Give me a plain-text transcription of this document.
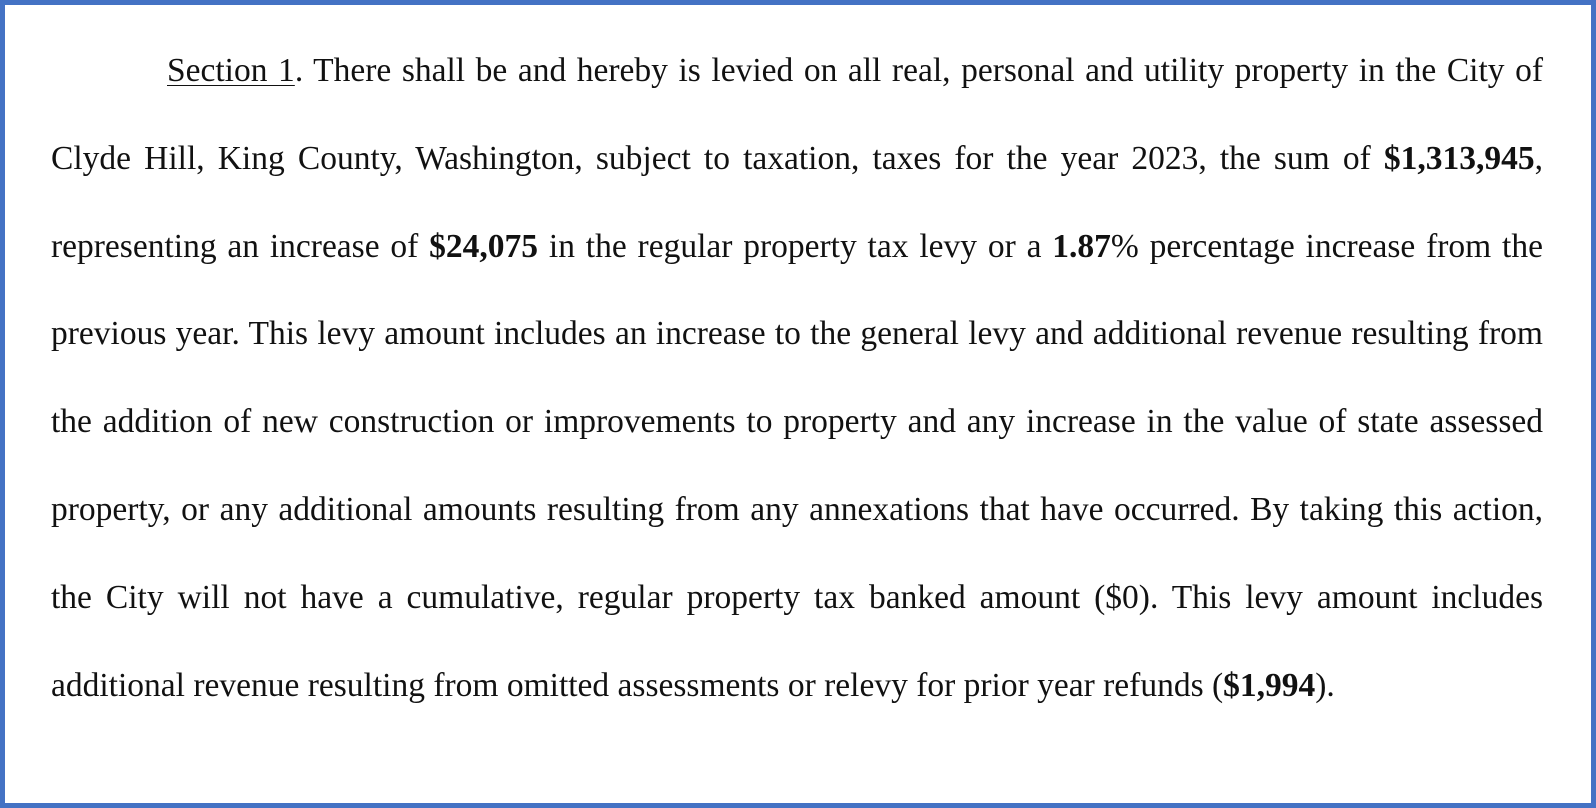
Section 1. There shall be and hereby is levied on all real, personal and utility property in the City of Clyde Hill, King County, Washington, subject to taxation, taxes for the year 2023, the sum of $1,313,945, representing an increase of $24,075 in the regular property tax levy or a 1.87% percentage increase from the previous year. This levy amount includes an increase to the general levy and additional revenue resulting from the addition of new construction or improvements to property and any increase in the value of state assessed property, or any additional amounts resulting from any annexations that have occurred. By taking this action, the City will not have a cumulative, regular property tax banked amount ($0). This levy amount includes additional revenue resulting from omitted assessments or relevy for prior year refunds ($1,994).
